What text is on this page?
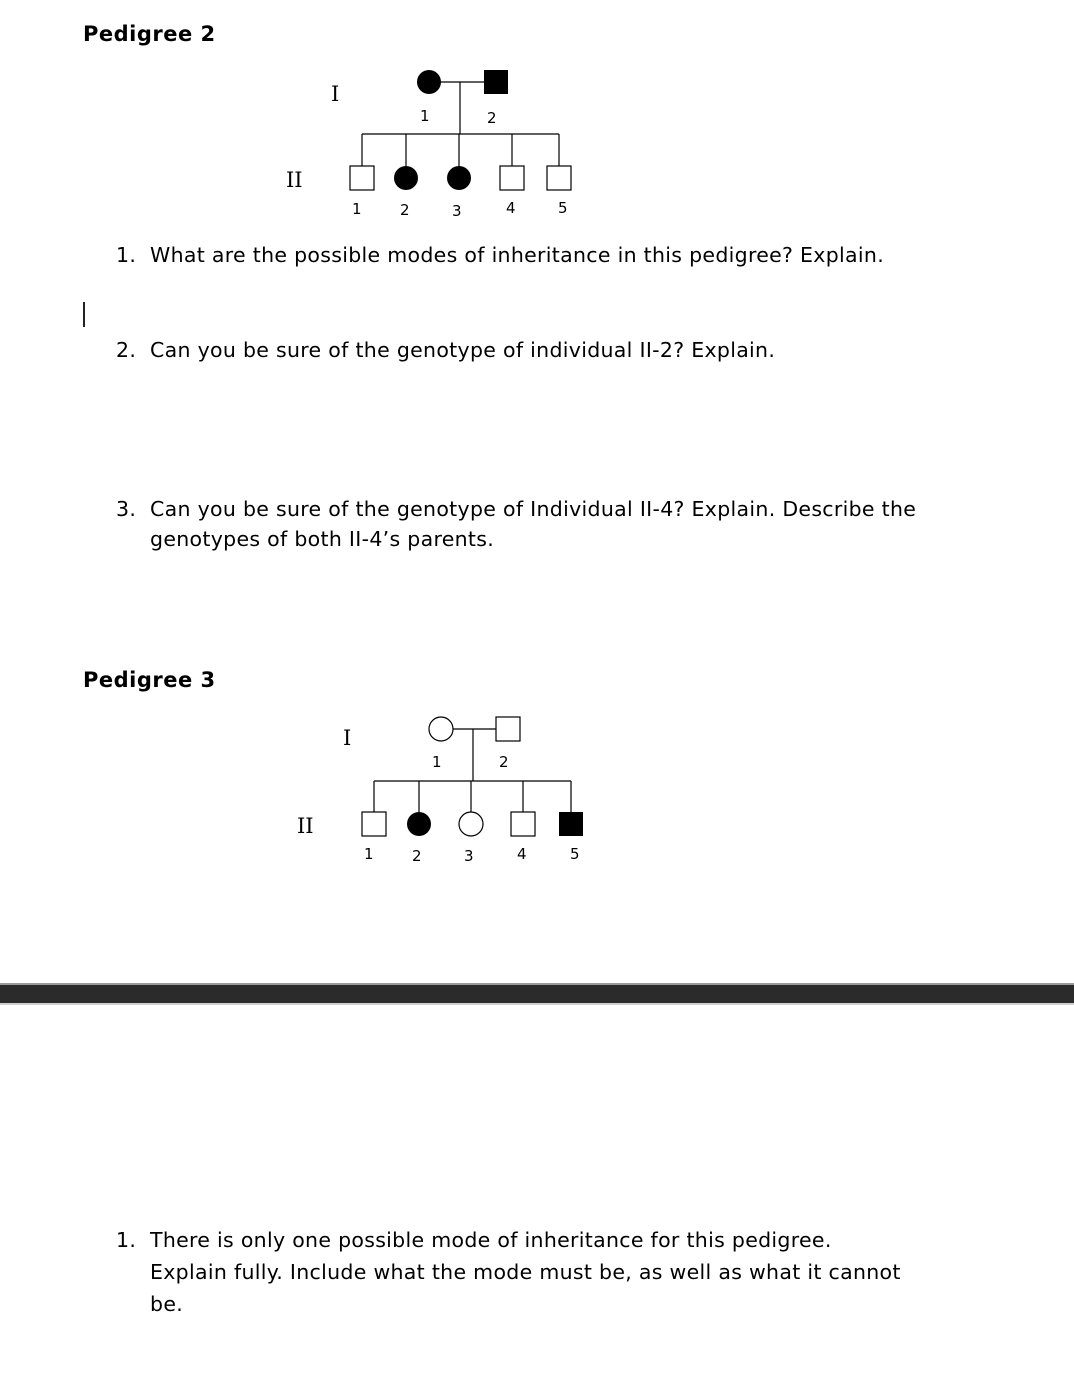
Pedigree 2
I
II
1	2
1	2	3	4	5
1. What are the possible modes of inheritance in this pedigree? Explain.
2. Can you be sure of the genotype of individual II-2? Explain.
3. Can you be sure of the genotype of Individual II-4? Explain. Describe the genotypes of both II-4’s parents.
Pedigree 3
I
II
1	2
1	2	3	4	5
1. There is only one possible mode of inheritance for this pedigree. Explain fully. Include what the mode must be, as well as what it cannot be.
